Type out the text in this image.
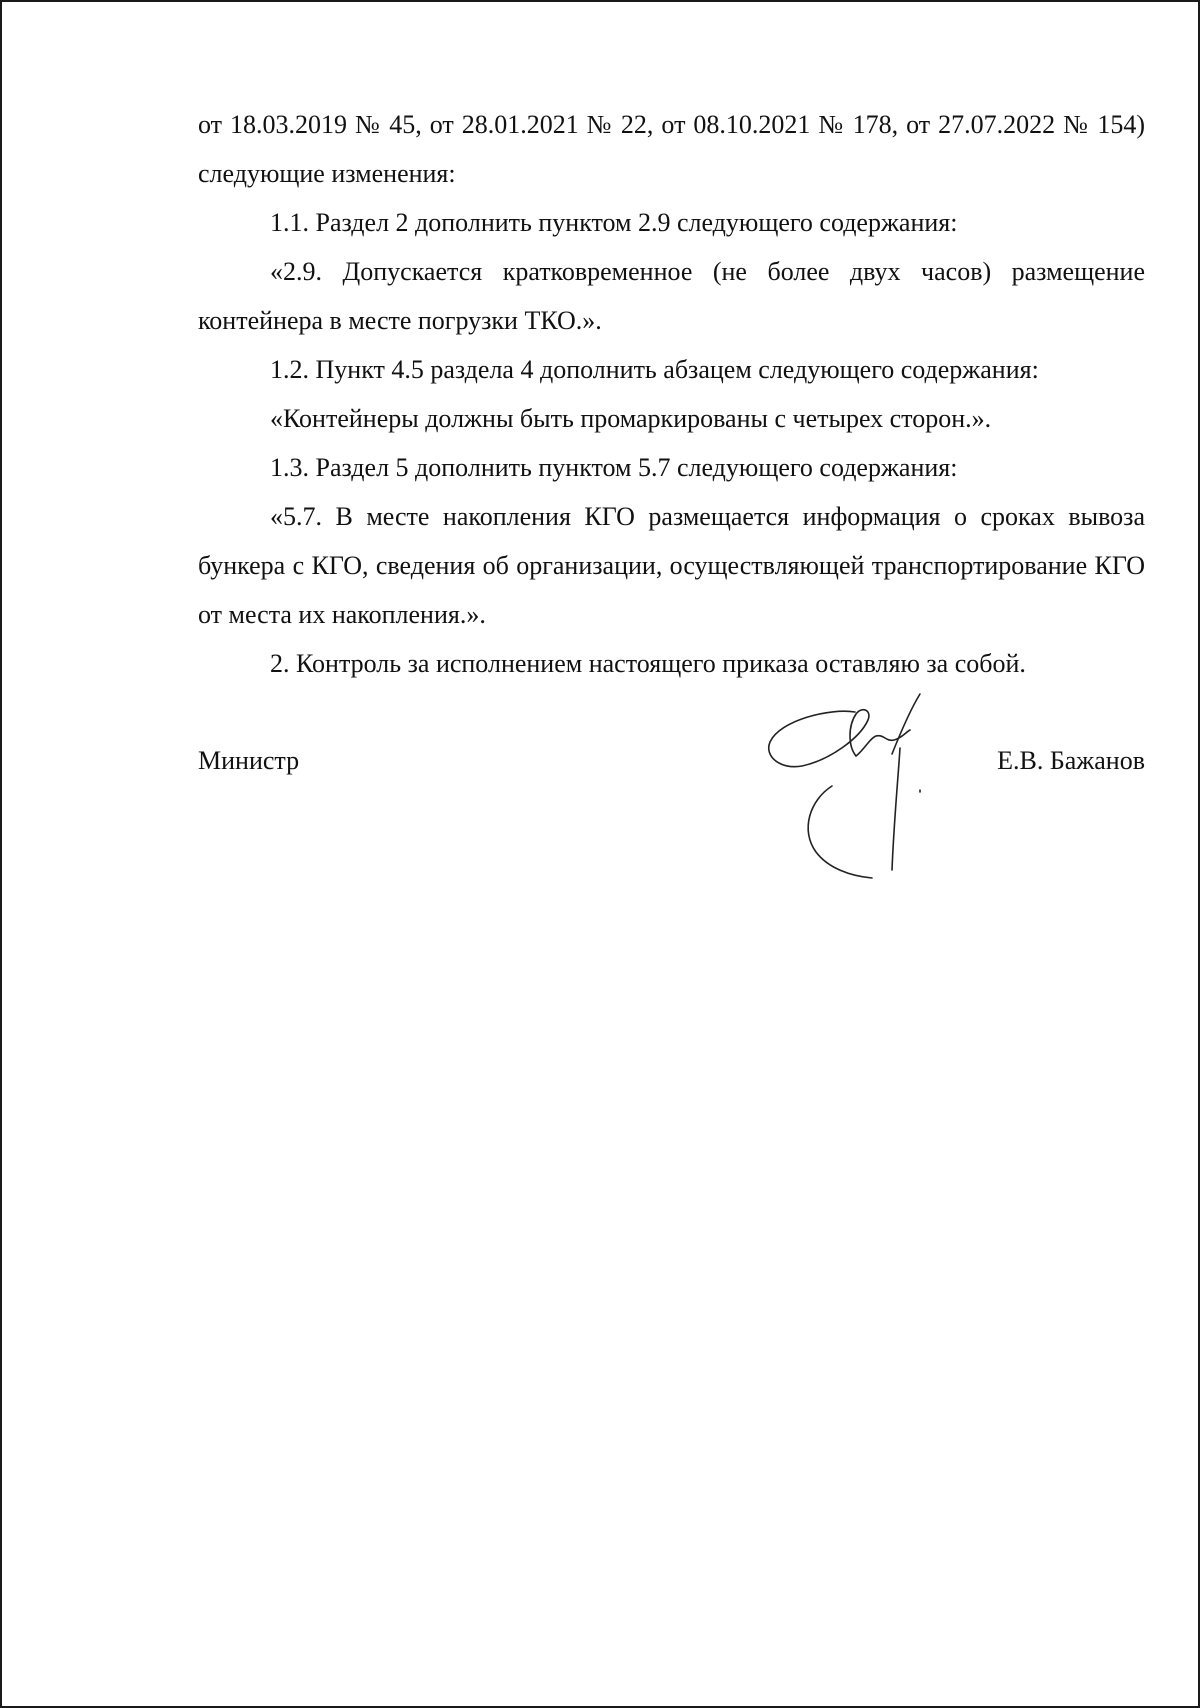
от 18.03.2019 № 45, от 28.01.2021 № 22, от 08.10.2021 № 178, от 27.07.2022 № 154) следующие изменения:

1.1. Раздел 2 дополнить пунктом 2.9 следующего содержания:

«2.9. Допускается кратковременное (не более двух часов) размещение контейнера в месте погрузки ТКО.».

1.2. Пункт 4.5 раздела 4 дополнить абзацем следующего содержания:

«Контейнеры должны быть промаркированы с четырех сторон.».

1.3. Раздел 5 дополнить пунктом 5.7 следующего содержания:

«5.7. В месте накопления КГО размещается информация о сроках вывоза бункера с КГО, сведения об организации, осуществляющей транспортирование КГО от места их накопления.».

2. Контроль за исполнением настоящего приказа оставляю за собой.

Министр	Е.В. Бажанов
